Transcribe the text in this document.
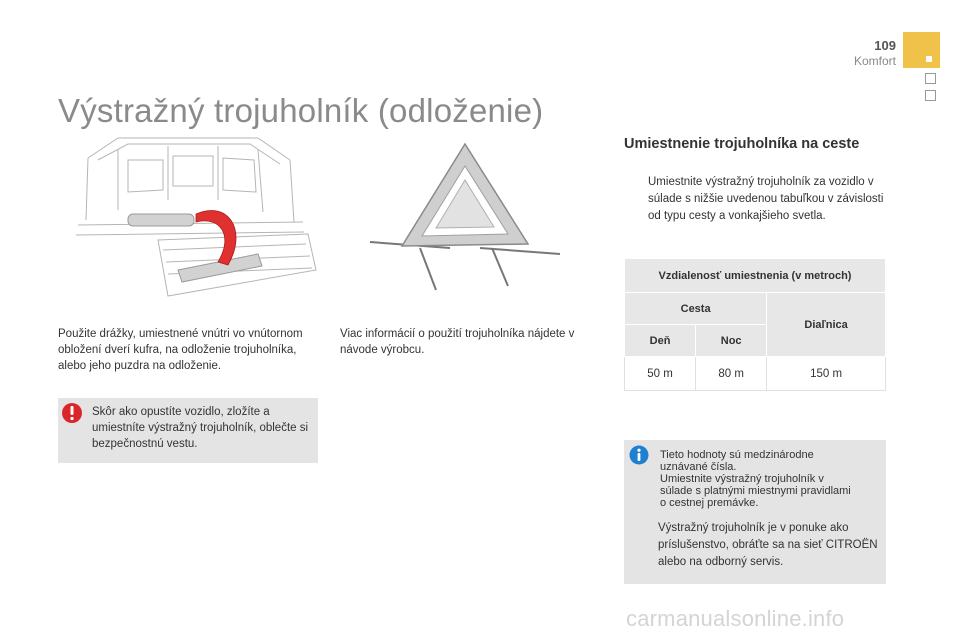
109
Komfort
Výstražný trojuholník (odloženie)

Použite drážky, umiestnené vnútri vo vnútornom obložení dverí kufra, na odloženie trojuholníka, alebo jeho puzdra na odloženie.

Skôr ako opustíte vozidlo, zložíte a umiestníte výstražný trojuholník, oblečte si bezpečnostnú vestu.

Viac informácií o použití trojuholníka nájdete v návode výrobcu.

Umiestnenie trojuholníka na ceste

Umiestnite výstražný trojuholník za vozidlo v súlade s nižšie uvedenou tabuľkou v závislosti od typu cesty a vonkajšieho svetla.

Vzdialenosť umiestnenia (v metroch)		
Cesta		Diaľnica
Deň	Noc	
50 m	80 m	150 m

Tieto hodnoty sú medzinárodne
uznávané čísla.
Umiestnite výstražný trojuholník v
súlade s platnými miestnymi pravidlami
o cestnej premávke.

Výstražný trojuholník je v ponuke ako príslušenstvo, obráťte sa na sieť CITROËN alebo na odborný servis.

carmanualsonline.info
